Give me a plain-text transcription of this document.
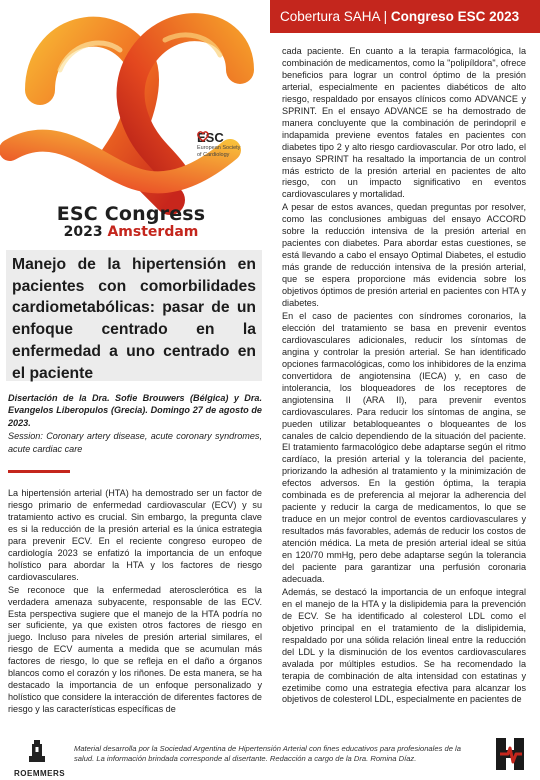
ESC
European Society
of Cardiology
ESC Congress
2023 Amsterdam
Cobertura SAHA | Congreso ESC 2023
Manejo de la hipertensión en pacientes con comorbilidades cardiometabólicas: pasar de un enfoque centrado en la enfermedad a uno centrado en el paciente
Disertación de la Dra. Sofie Brouwers (Bélgica) y Dra. Evangelos Liberopulos (Grecia). Domingo 27 de agosto de 2023.
Session: Coronary artery disease, acute coronary syndromes, acute cardiac care

La hipertensión arterial (HTA) ha demostrado ser un factor de riesgo primario de enfermedad cardiovascular (ECV) y su tratamiento activo es crucial. Sin embargo, la pregunta clave es si la reducción de la presión arterial es la única estrategia para prevenir ECV. En el reciente congreso europeo de cardiología 2023 se enfatizó la importancia de un enfoque holístico para abordar la HTA y los factores de riesgo cardiovasculares.

Se reconoce que la enfermedad aterosclerótica es la verdadera amenaza subyacente, responsable de las ECV. Esta perspectiva sugiere que el manejo de la HTA podría no ser suficiente, ya que existen otros factores de riesgo en juego. Incluso para niveles de presión arterial similares, el riesgo de ECV aumenta a medida que se acumulan más factores de riesgo, lo que se refleja en el daño a órganos blancos como el corazón y los riñones. De esta manera, se ha destacado la importancia de un enfoque personalizado y holístico que considere la interacción de diferentes factores de riesgo y las características específicas de

cada paciente. En cuanto a la terapia farmacológica, la combinación de medicamentos, como la "polipíldora", ofrece beneficios para lograr un control óptimo de la presión arterial, especialmente en pacientes diabéticos de alto riesgo, respaldado por ensayos clínicos como ADVANCE y SPRINT. En el ensayo ADVANCE se ha demostrado de manera concluyente que la combinación de perindopril e indapamida previene eventos fatales en pacientes con diabetes tipo 2 y alto riesgo cardiovascular. Por otro lado, el ensayo SPRINT ha resaltado la importancia de un control más estricto de la presión arterial en pacientes de alto riesgo, con un impacto significativo en eventos cardiovasculares y mortalidad.

A pesar de estos avances, quedan preguntas por resolver, como las conclusiones ambiguas del ensayo ACCORD sobre la reducción intensiva de la presión arterial en pacientes con diabetes. Para abordar estas cuestiones, se está llevando a cabo el ensayo Optimal Diabetes, el estudio más grande de reducción intensiva de la presión arterial, que se espera proporcione más evidencia sobre los objetivos óptimos de presión arterial en pacientes con HTA y diabetes.

En el caso de pacientes con síndromes coronarios, la elección del tratamiento se basa en prevenir eventos cardiovasculares adicionales, reducir los síntomas de angina y controlar la presión arterial. Se han identificado opciones farmacológicas, como los inhibidores de la enzima convertidora de angiotensina (IECA) y, en caso de intolerancia, los bloqueadores de los receptores de angiotensina II (ARA II), para prevenir eventos cardiovasculares. Para reducir los síntomas de angina, se pueden utilizar betabloqueantes o bloqueantes de los canales de calcio dependiendo de la situación del paciente. El tratamiento farmacológico debe adaptarse según el ritmo cardíaco, la presión arterial y la tolerancia del paciente, priorizando la adhesión al tratamiento y la minimización de efectos adversos. En la gestión óptima, la terapia combinada es de preferencia al mejorar la adherencia del paciente y reducir la carga de medicamentos, lo que se traduce en un mejor control de eventos cardiovasculares y resultados más favorables, además de reducir los costos de atención médica. La meta de presión arterial ideal se sitúa en 120/70 mmHg, pero debe adaptarse según la tolerancia del paciente para garantizar una perfusión coronaria adecuada.

Además, se destacó la importancia de un enfoque integral en el manejo de la HTA y la dislipidemia para la prevención de ECV. Se ha identificado al colesterol LDL como el objetivo principal en el tratamiento de la dislipidemia, respaldado por una sólida relación lineal entre la reducción del LDL y la disminución de los eventos cardiovasculares avalada por múltiples estudios. Se ha recomendado la terapia de combinación de alta intensidad con estatinas y ezetimibe como una estrategia efectiva para alcanzar los objetivos de colesterol LDL, especialmente en pacientes de

ROEMMERS
Material desarrolla por la Sociedad Argentina de Hipertensión Arterial con fines educativos para profesionales de la salud. La información brindada corresponde al disertante. Redacción a cargo de la Dra. Romina Díaz.
